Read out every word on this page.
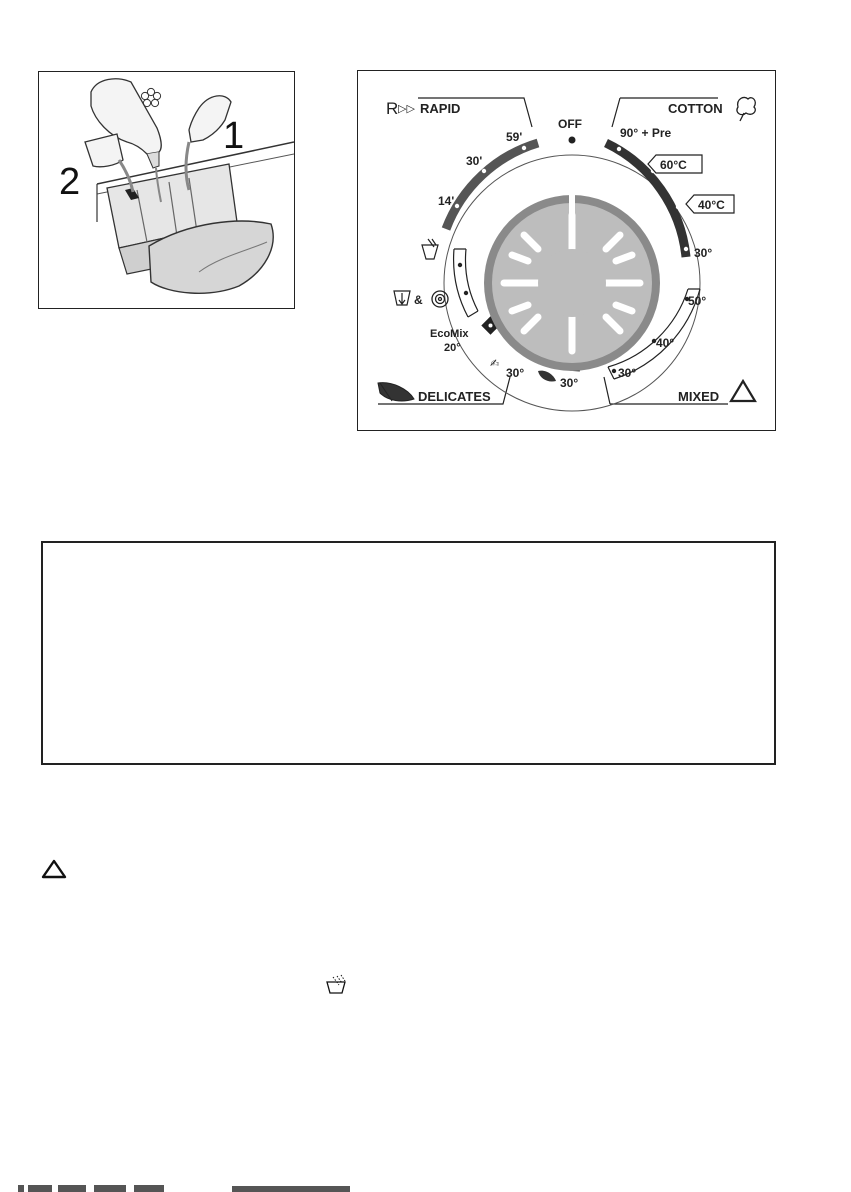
1
2
R ▷▷ RAPID	COTTON
MIXED
DELICATES
OFF
59'
30'
14'
90° + Pre
60°C
40°C
30°
50°
40°
30°
✍
30°
30°
&
EcoMix
20°
